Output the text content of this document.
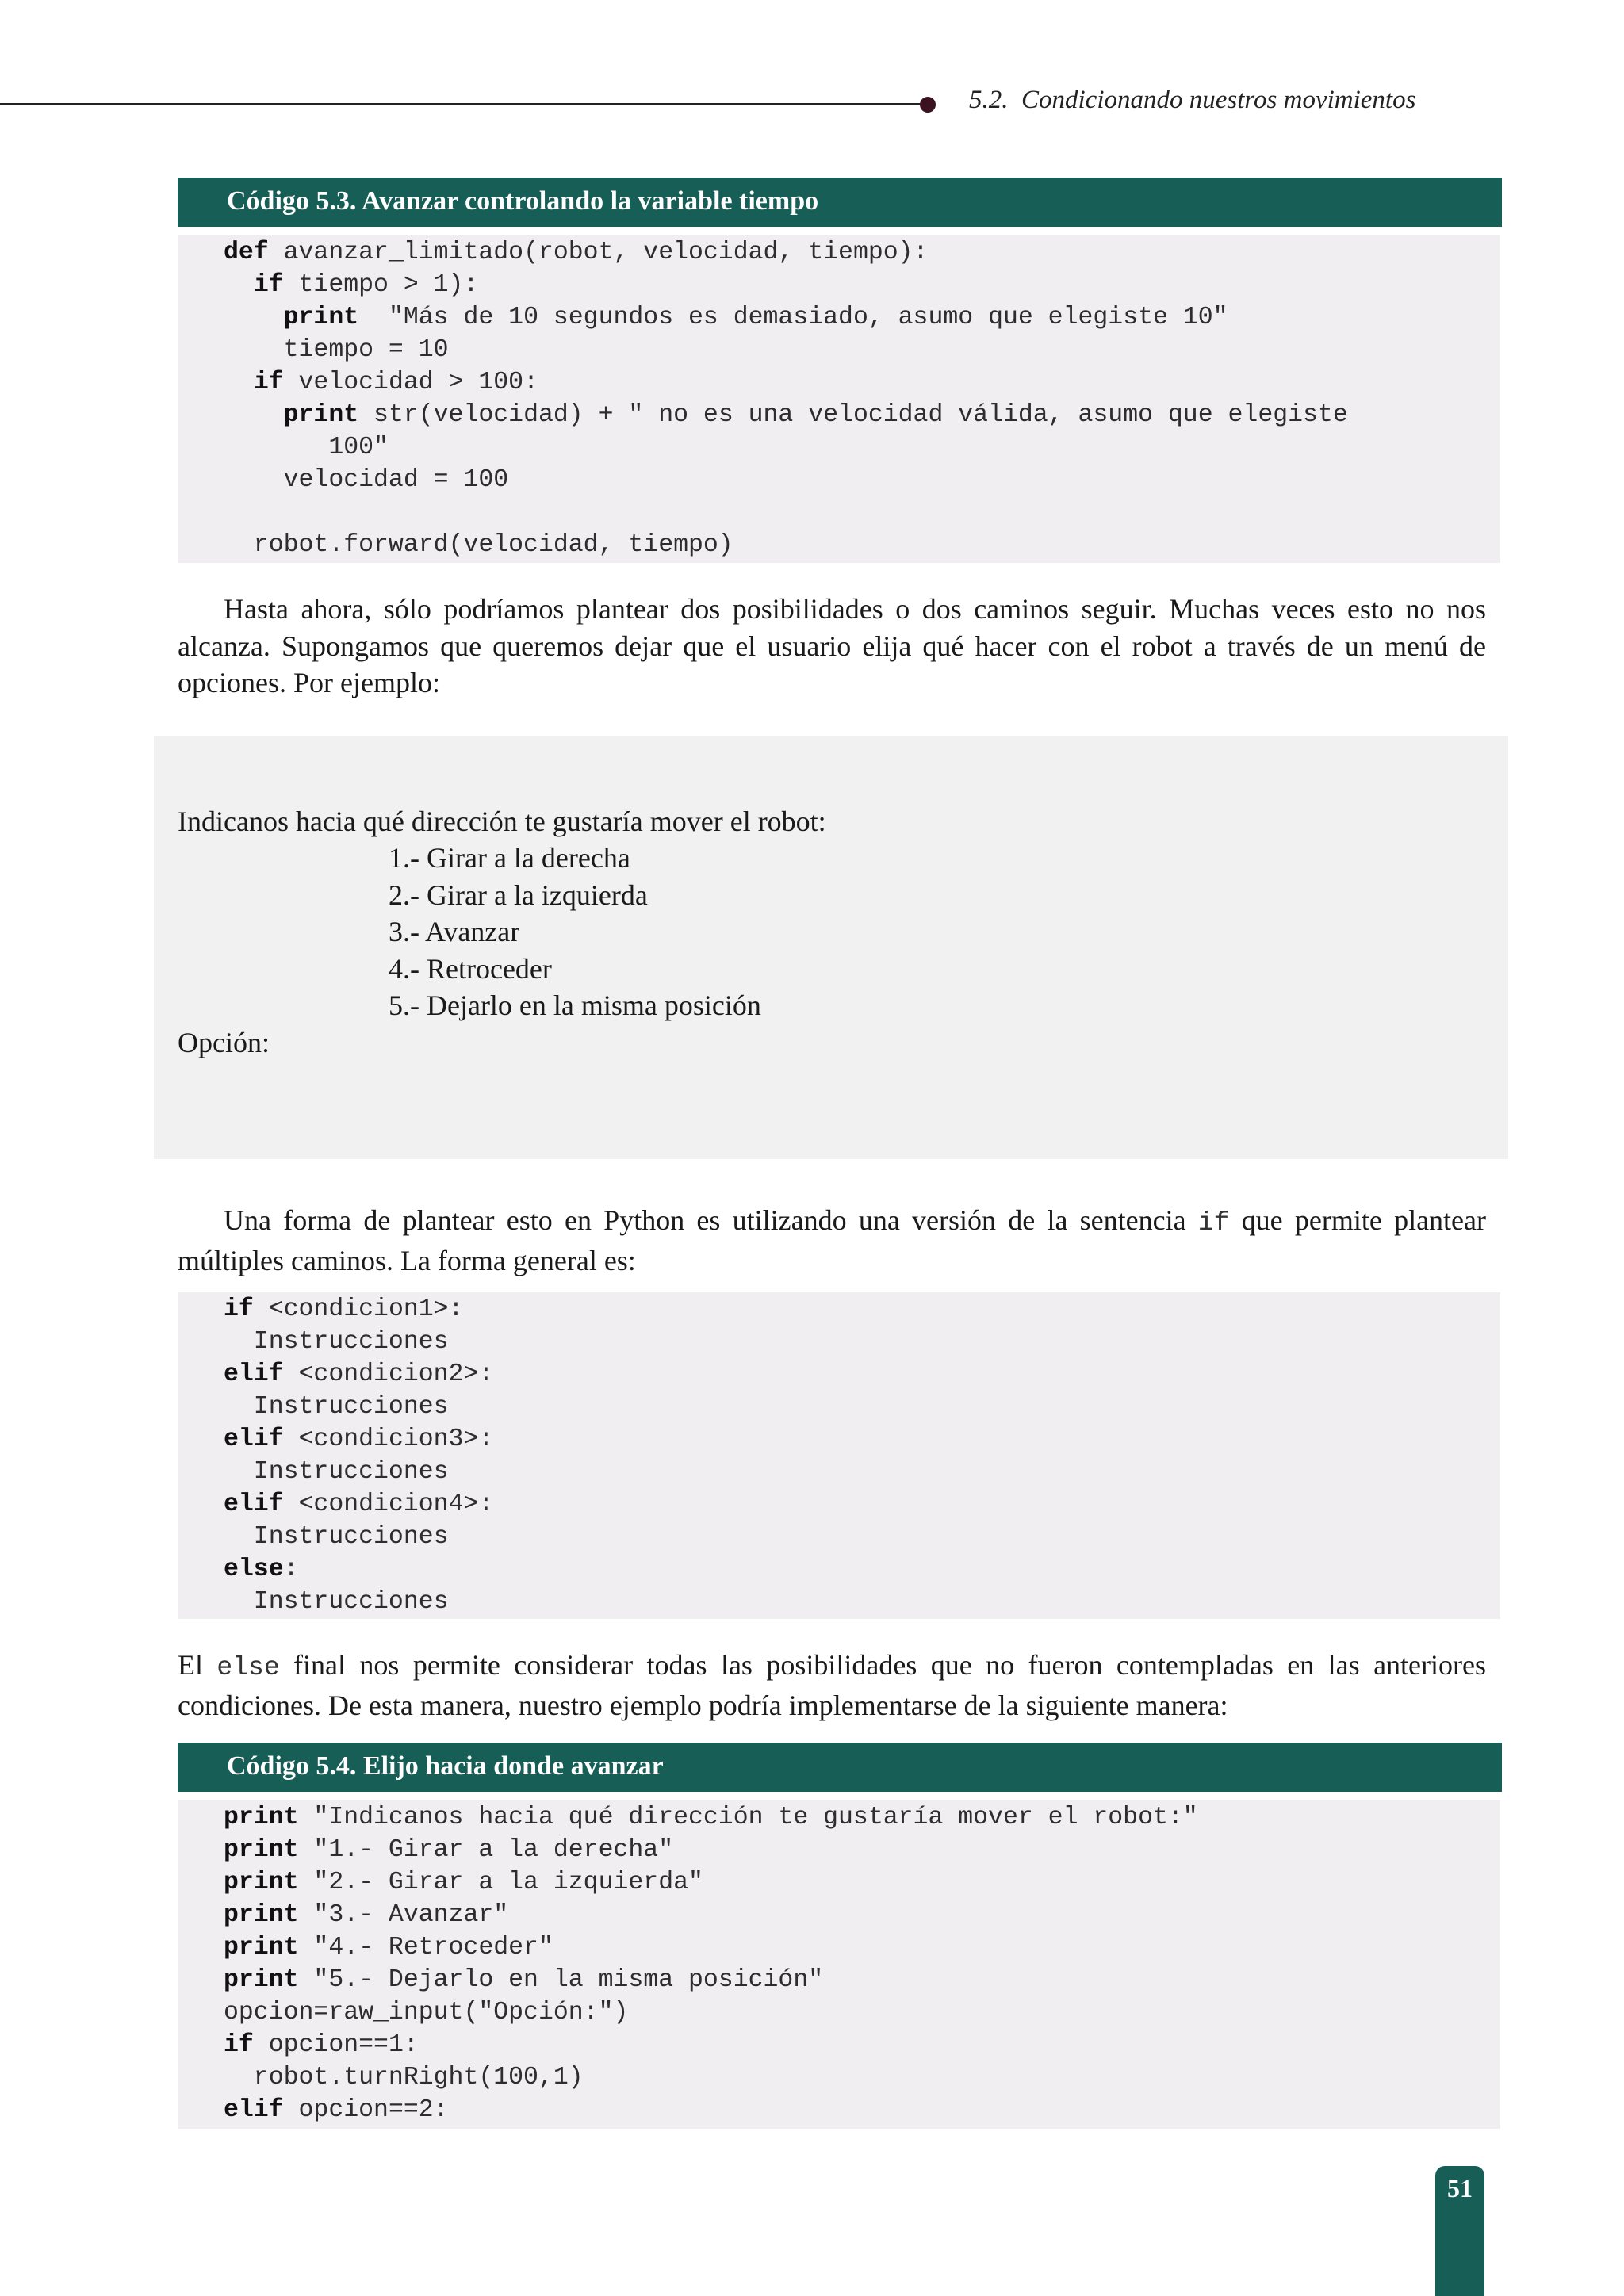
5.2. Condicionando nuestros movimientos
Código 5.3. Avanzar controlando la variable tiempo
def avanzar_limitado(robot, velocidad, tiempo):
if tiempo > 1):
print  "Más de 10 segundos es demasiado, asumo que elegiste 10"
tiempo = 10
if velocidad > 100:
print str(velocidad) + " no es una velocidad válida, asumo que elegiste
100"
velocidad = 100
robot.forward(velocidad, tiempo)
Hasta ahora, sólo podríamos plantear dos posibilidades o dos caminos seguir. Muchas veces esto no nos alcanza. Supongamos que queremos dejar que el usuario elija qué hacer con el robot a través de un menú de opciones. Por ejemplo:
Indicanos hacia qué dirección te gustaría mover el robot:
1.- Girar a la derecha
2.- Girar a la izquierda
3.- Avanzar
4.- Retroceder
5.- Dejarlo en la misma posición
Opción:
Una forma de plantear esto en Python es utilizando una versión de la sentencia if que permite plantear múltiples caminos. La forma general es:
if <condicion1>:
Instrucciones
elif <condicion2>:
Instrucciones
elif <condicion3>:
Instrucciones
elif <condicion4>:
Instrucciones
else:
Instrucciones
El else final nos permite considerar todas las posibilidades que no fueron contempladas en las anteriores condiciones. De esta manera, nuestro ejemplo podría implementarse de la siguiente manera:
Código 5.4. Elijo hacia donde avanzar
print "Indicanos hacia qué dirección te gustaría mover el robot:"
print "1.- Girar a la derecha"
print "2.- Girar a la izquierda"
print "3.- Avanzar"
print "4.- Retroceder"
print "5.- Dejarlo en la misma posición"
opcion=raw_input("Opción:")
if opcion==1:
robot.turnRight(100,1)
elif opcion==2:
51
